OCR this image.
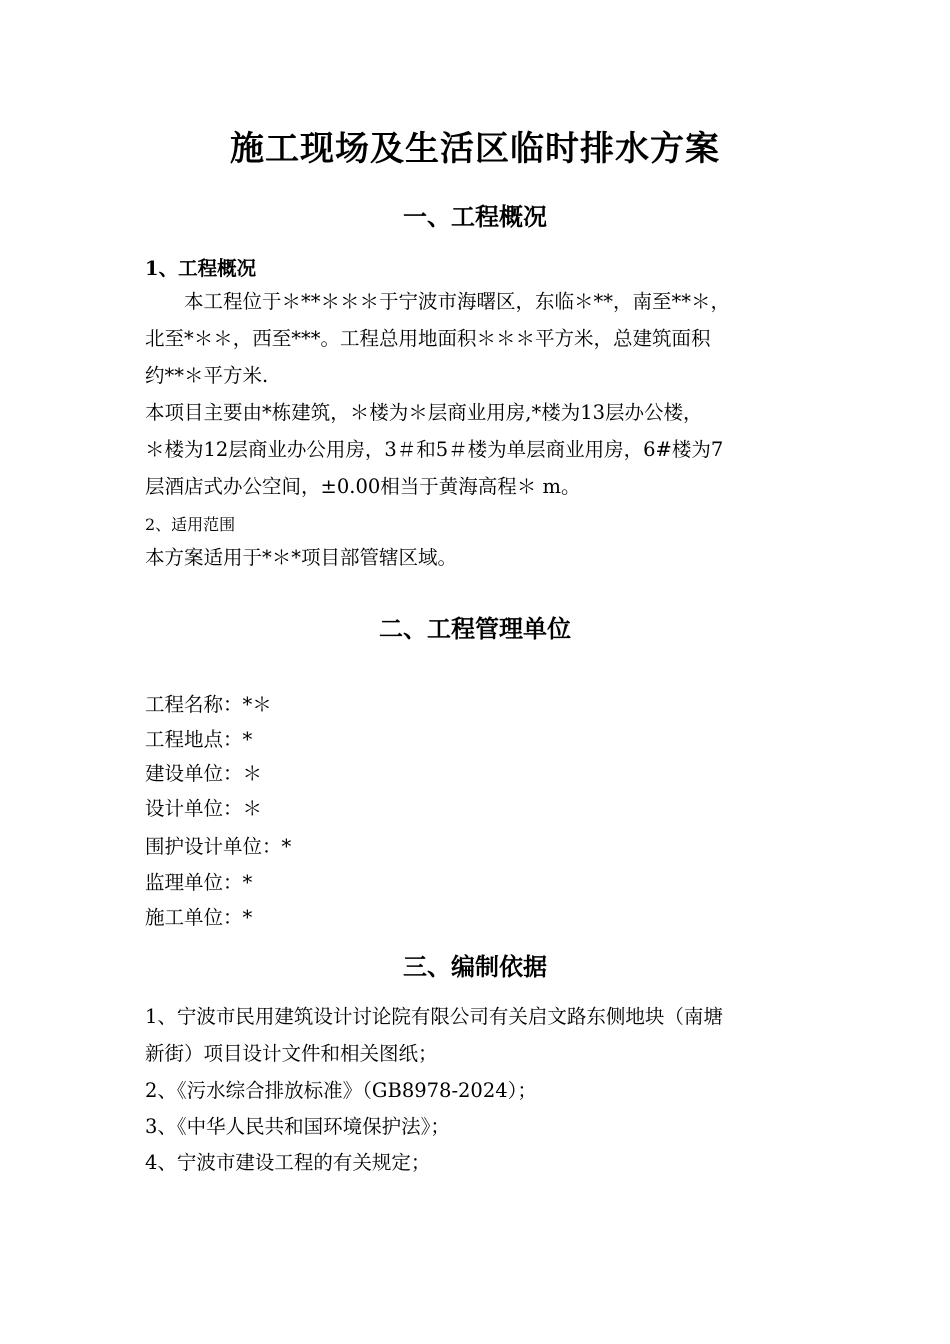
施工现场及生活区临时排水方案
一、工程概况
1、工程概况
　　本工程位于＊**＊＊＊于宁波市海曙区，东临＊**，南至**＊，
北至*＊＊，西至***。工程总用地面积＊＊＊平方米，总建筑面积
约**＊平方米.
本项目主要由*栋建筑，＊楼为＊层商业用房,*楼为13层办公楼，
＊楼为12层商业办公用房，3＃和5＃楼为单层商业用房，6#楼为7
层酒店式办公空间，±0.00相当于黄海高程＊ m。
2、适用范围
本方案适用于*＊*项目部管辖区域。
二、工程管理单位
工程名称：*＊
工程地点：*
建设单位：＊
设计单位：＊
围护设计单位：*
监理单位：*
施工单位：*
三、编制依据
1、宁波市民用建筑设计讨论院有限公司有关启文路东侧地块（南塘
新街）项目设计文件和相关图纸；
2、《污水综合排放标准》（GB8978-2024）；
3、《中华人民共和国环境保护法》；
4、宁波市建设工程的有关规定；
